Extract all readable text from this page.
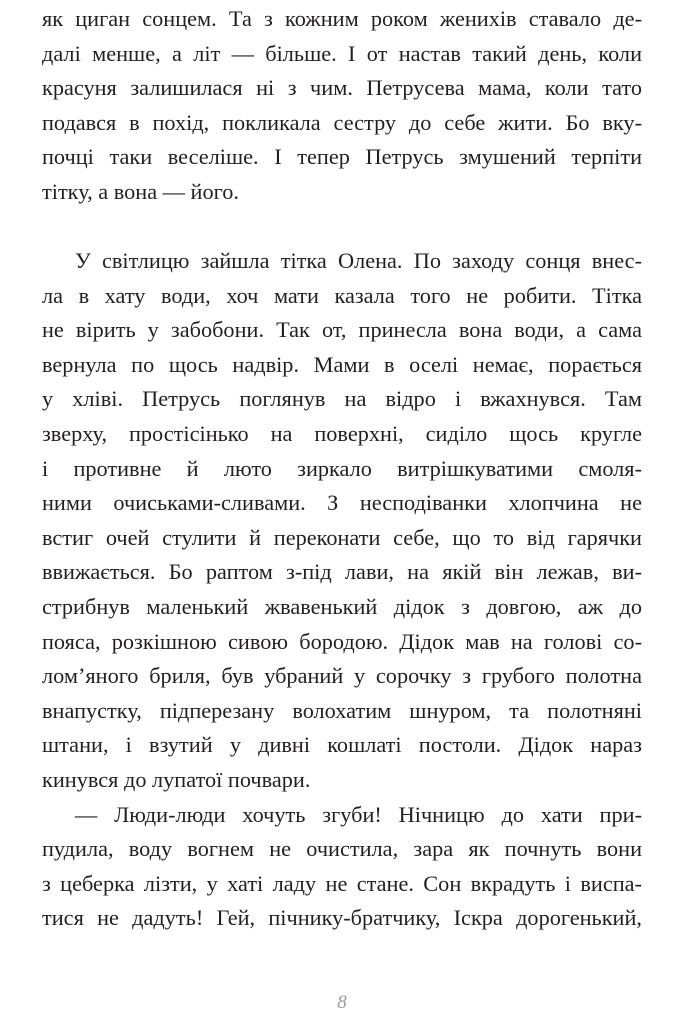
як циган сонцем. Та з кожним роком женихів ставало де-
далі менше, а літ — більше. І от настав такий день, коли
красуня залишилася ні з чим. Петрусева мама, коли тато
подався в похід, покликала сестру до себе жити. Бо вку-
почці таки веселіше. І тепер Петрусь змушений терпіти
тітку, а вона — його.
У світлицю зайшла тітка Олена. По заходу сонця внес-
ла в хату води, хоч мати казала того не робити. Тітка
не вірить у забобони. Так от, принесла вона води, а сама
вернула по щось надвір. Мами в оселі немає, порається
у хліві. Петрусь поглянув на відро і вжахнувся. Там
зверху, простісінько на поверхні, сиділо щось кругле
і противне й люто зиркало витрішкуватими смоля-
ними очиськами-сливами. З несподіванки хлопчина не
встиг очей стулити й переконати себе, що то від гарячки
ввижається. Бо раптом з-під лави, на якій він лежав, ви-
стрибнув маленький жвавенький дідок з довгою, аж до
пояса, розкішною сивою бородою. Дідок мав на голові со-
лом’яного бриля, був убраний у сорочку з грубого полотна
внапустку, підперезану волохатим шнуром, та полотняні
штани, і взутий у дивні кошлаті постоли. Дідок нараз
кинувся до лупатої почвари.
— Люди-люди хочуть згуби! Нічницю до хати при-
пудила, воду вогнем не очистила, зара як почнуть вони
з цеберка лізти, у хаті ладу не стане. Сон вкрадуть і виспа-
тися не дадуть! Гей, пічнику-братчику, Іскра дорогенький,
8
